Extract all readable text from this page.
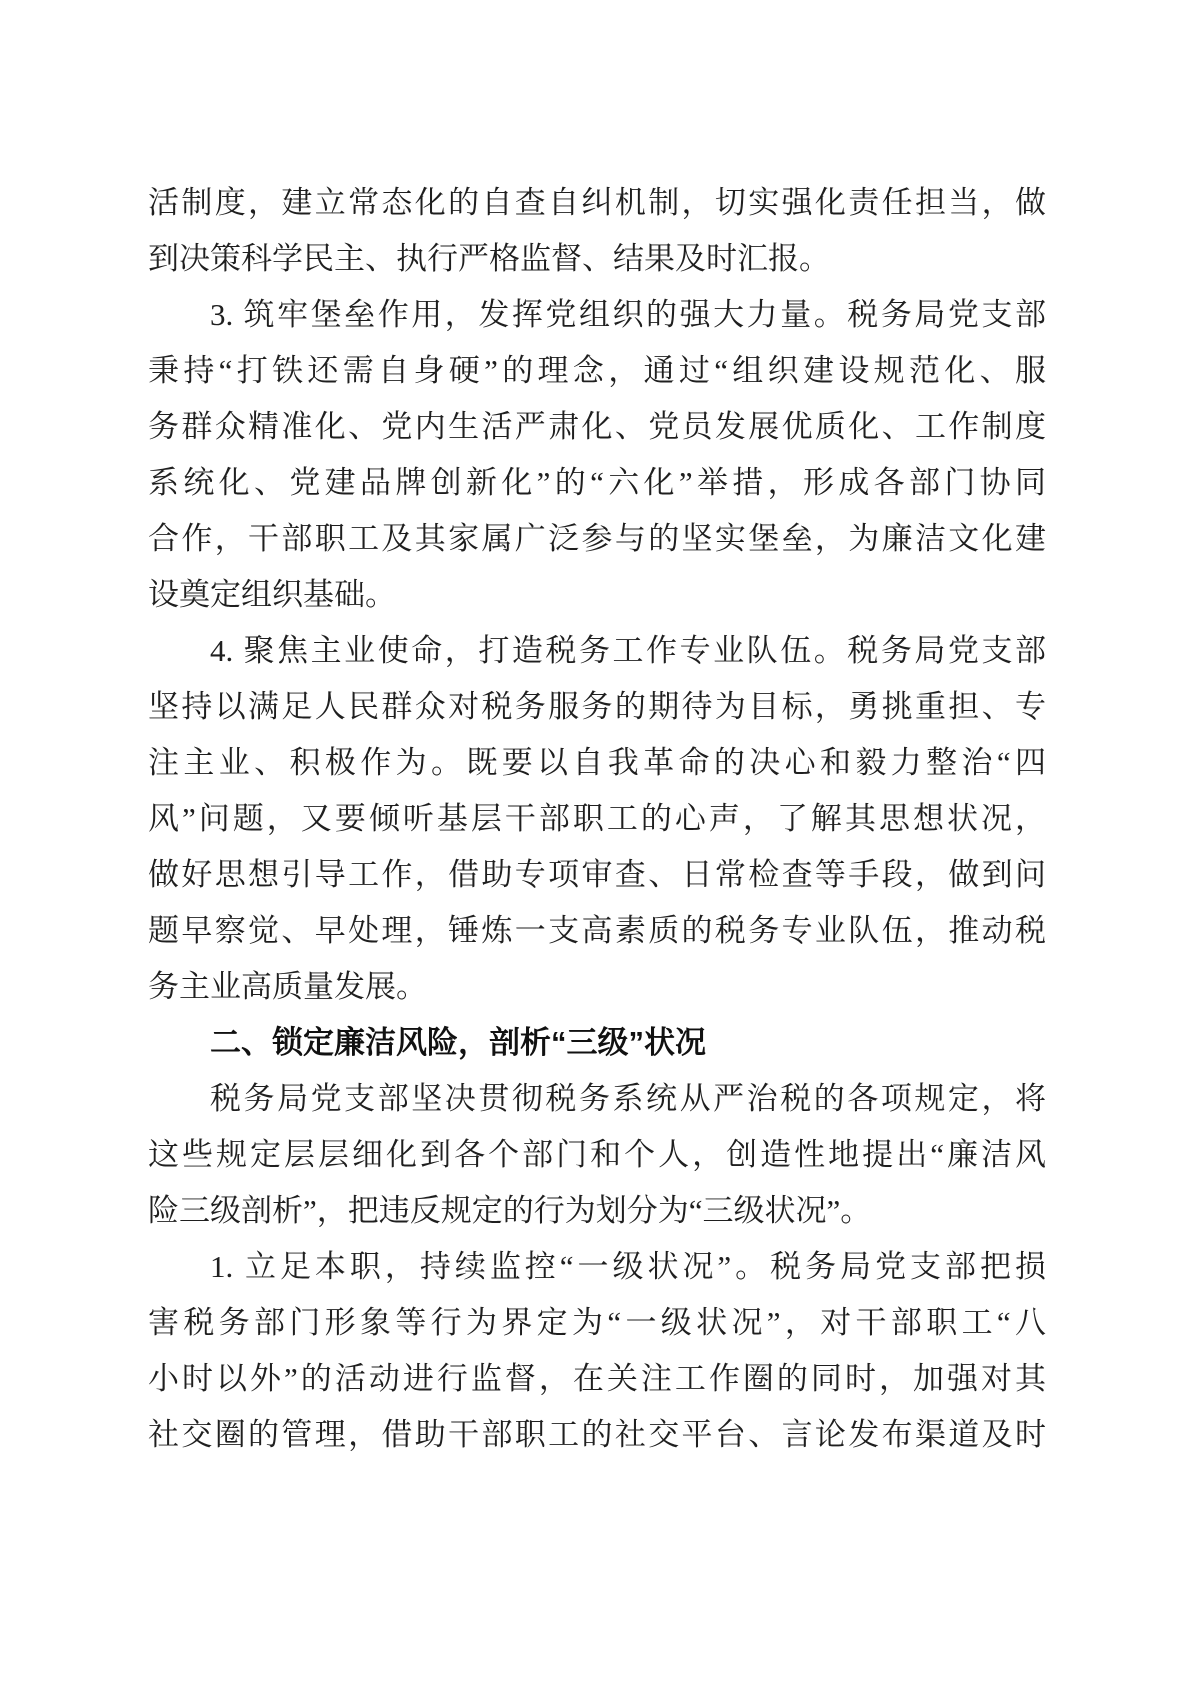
活制度，建立常态化的自查自纠机制，切实强化责任担当，做
到决策科学民主、执行严格监督、结果及时汇报。
3. 筑牢堡垒作用，发挥党组织的强大力量。税务局党支部
秉持“打铁还需自身硬”的理念，通过“组织建设规范化、服
务群众精准化、党内生活严肃化、党员发展优质化、工作制度
系统化、党建品牌创新化”的“六化”举措，形成各部门协同
合作，干部职工及其家属广泛参与的坚实堡垒，为廉洁文化建
设奠定组织基础。
4. 聚焦主业使命，打造税务工作专业队伍。税务局党支部
坚持以满足人民群众对税务服务的期待为目标，勇挑重担、专
注主业、积极作为。既要以自我革命的决心和毅力整治“四
风”问题，又要倾听基层干部职工的心声，了解其思想状况，
做好思想引导工作，借助专项审查、日常检查等手段，做到问
题早察觉、早处理，锤炼一支高素质的税务专业队伍，推动税
务主业高质量发展。
二、锁定廉洁风险，剖析“三级”状况
税务局党支部坚决贯彻税务系统从严治税的各项规定，将
这些规定层层细化到各个部门和个人，创造性地提出“廉洁风
险三级剖析”，把违反规定的行为划分为“三级状况”。
1. 立足本职，持续监控“一级状况”。税务局党支部把损
害税务部门形象等行为界定为“一级状况”，对干部职工“八
小时以外”的活动进行监督，在关注工作圈的同时，加强对其
社交圈的管理，借助干部职工的社交平台、言论发布渠道及时
